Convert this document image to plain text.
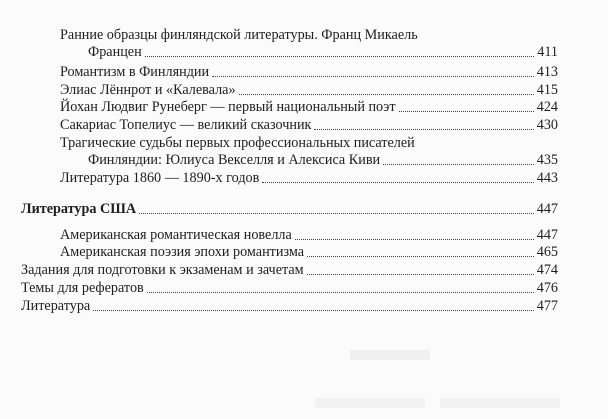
Ранние образцы финляндской литературы. Франц Микаель
Францен	411
Романтизм в Финляндии	413
Элиас Лённрот и «Калевала»	415
Йохан Людвиг Рунеберг — первый национальный поэт	424
Сакариас Топелиус — великий сказочник	430
Трагические судьбы первых профессиональных писателей
Финляндии: Юлиуса Векселля и Алексиса Киви	435
Литература 1860 — 1890-х годов	443
Литература США	447
Американская романтическая новелла	447
Американская поэзия эпохи романтизма	465
Задания для подготовки к экзаменам и зачетам	474
Темы для рефератов	476
Литература	477
